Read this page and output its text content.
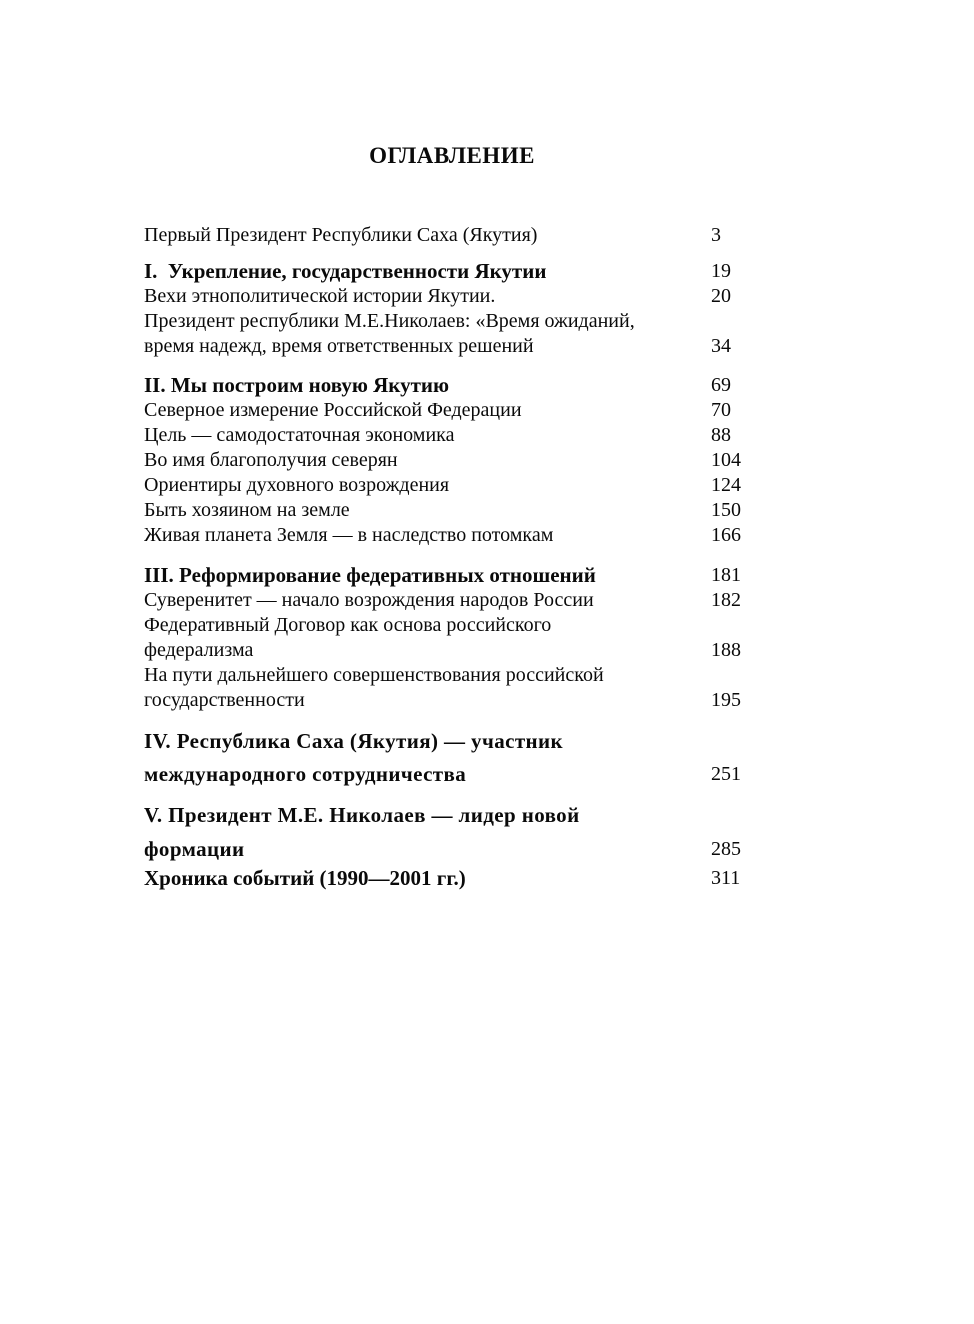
ОГЛАВЛЕНИЕ
Первый Президент Республики Саха (Якутия)	3
I.  Укрепление, государственности Якутии	19
Вехи этнополитической истории Якутии.	20
Президент республики М.Е.Николаев: «Время ожиданий,
время надежд, время ответственных решений	34
II. Мы построим новую Якутию	69
Северное измерение Российской Федерации	70
Цель — самодостаточная экономика	88
Во имя благополучия северян	104
Ориентиры духовного возрождения	124
Быть хозяином на земле	150
Живая планета Земля — в наследство потомкам	166
III. Реформирование федеративных отношений	181
Суверенитет — начало возрождения народов России	182
Федеративный Договор как основа российского
федерализма	188
На пути дальнейшего совершенствования российской
государственности	195
IV. Республика Саха (Якутия) — участник
международного сотрудничества	251
V. Президент М.Е. Николаев — лидер новой
формации	285
Хроника событий (1990—2001 гг.)	311
